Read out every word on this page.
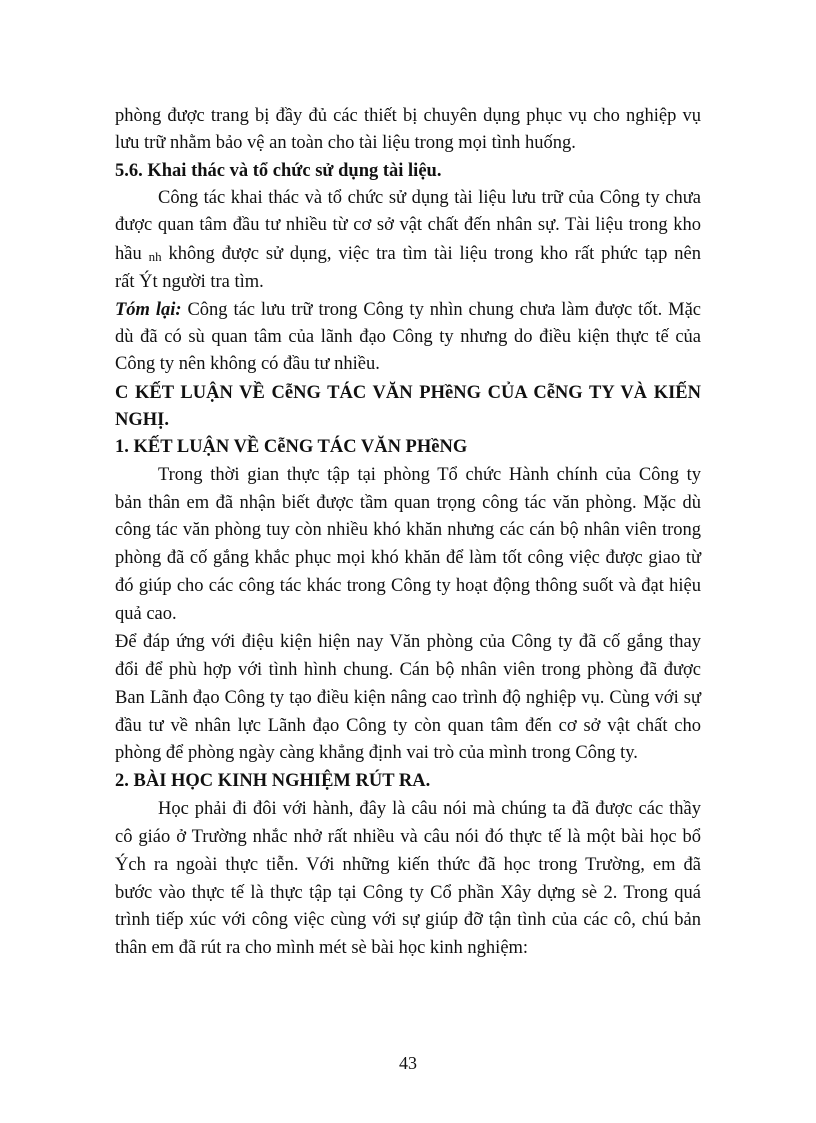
phòng được trang bị đầy đủ các thiết bị chuyên dụng phục vụ cho nghiệp vụ
lưu trữ nhằm bảo vệ an toàn cho tài liệu trong mọi tình huống.
5.6. Khai thác và tổ chức sử dụng tài liệu.
Công tác khai thác và tổ chức sử dụng tài liệu lưu trữ của Công ty chưa
được quan tâm đầu tư nhiều từ cơ sở vật chất đến nhân sự. Tài liệu trong kho
hầu nh không được sử dụng, việc tra tìm tài liệu trong kho rất phức tạp nên
rất Ýt người tra tìm.
Tóm lại: Công tác lưu trữ trong Công ty nhìn chung chưa làm được tốt. Mặc
dù đã có sù quan tâm của lãnh đạo Công ty nhưng do điều kiện thực tế của
Công ty nên không có đầu tư nhiều.
C KẾT LUẬN VỀ CễNG TÁC VĂN PHềNG CỦA CễNG TY VÀ KIẾN
NGHỊ.
1. KẾT LUẬN VỀ CễNG TÁC VĂN PHềNG
Trong thời gian thực tập tại phòng Tổ chức Hành chính của Công ty
bản thân em đã nhận biết được tầm quan trọng công tác văn phòng. Mặc dù
công tác văn phòng tuy còn nhiều khó khăn nhưng các cán bộ nhân viên trong
phòng đã cố gắng khắc phục mọi khó khăn để làm tốt công việc được giao từ
đó giúp cho các công tác khác trong Công ty hoạt động thông suốt và đạt hiệu
quả cao.
Để đáp ứng với điệu kiện hiện nay Văn phòng của Công ty đã cố gắng thay
đổi để phù hợp với tình hình chung. Cán bộ nhân viên trong phòng đã được
Ban Lãnh đạo Công ty tạo điều kiện nâng cao trình độ nghiệp vụ. Cùng với sự
đầu tư về nhân lực Lãnh đạo Công ty còn quan tâm đến cơ sở vật chất cho
phòng để phòng ngày càng khẳng định vai trò của mình trong Công ty.
2. BÀI HỌC KINH NGHIỆM RÚT RA.
Học phải đi đôi với hành, đây là câu nói mà chúng ta đã được các thầy
cô giáo ở Trường nhắc nhở rất nhiều và câu nói đó thực tế là một bài học bổ
Ých ra ngoài thực tiễn. Với những kiến thức đã học trong Trường, em đã
bước vào thực tế là thực tập tại Công ty Cổ phần Xây dựng sè 2. Trong quá
trình tiếp xúc với công việc cùng với sự giúp đỡ tận tình của các cô, chú bản
thân em đã rút ra cho mình mét sè bài học kinh nghiệm:
43
